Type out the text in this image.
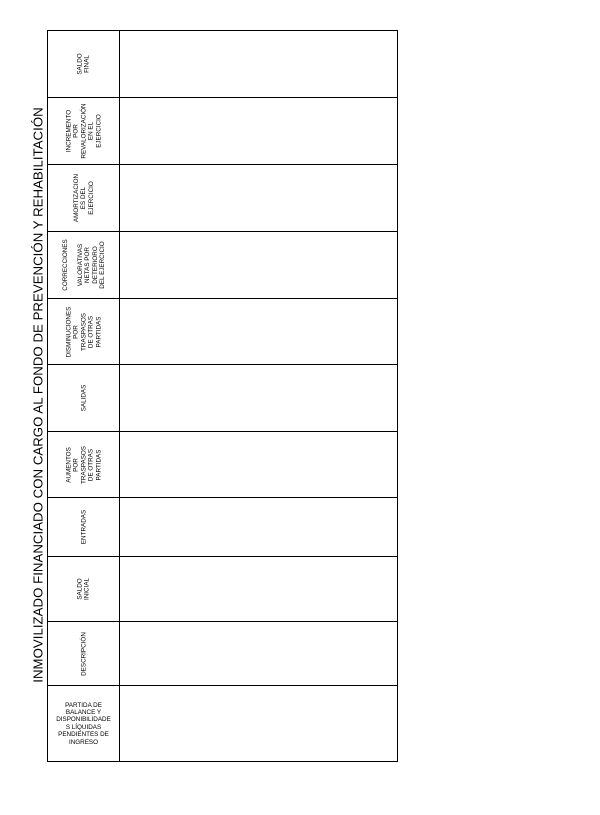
INMOVILIZADO FINANCIADO CON CARGO AL FONDO DE PREVENCIÓN Y REHABILITACIÓN
SALDO FINAL
INCREMENTO
POR
REVALORIZACIÓN
EN EL
EJERCICIO
AMORTIZACION
ES DEL
EJERCICIO
CORRECCIONES

VALORATIVAS
NETAS POR
DETERIORO
DEL EJERCICIO
DISMINUCIONES
POR
TRASPASOS
DE OTRAS
PARTIDAS
SALIDAS
AUMENTOS
POR
TRASPASOS
DE OTRAS
PARTIDAS
ENTRADAS
SALDO INICIAL
DESCRIPCIÓN
PARTIDA DE
BALANCE Y
DISPONIBILIDADE
S LÍQUIDAS
PENDIENTES DE
INGRESO
